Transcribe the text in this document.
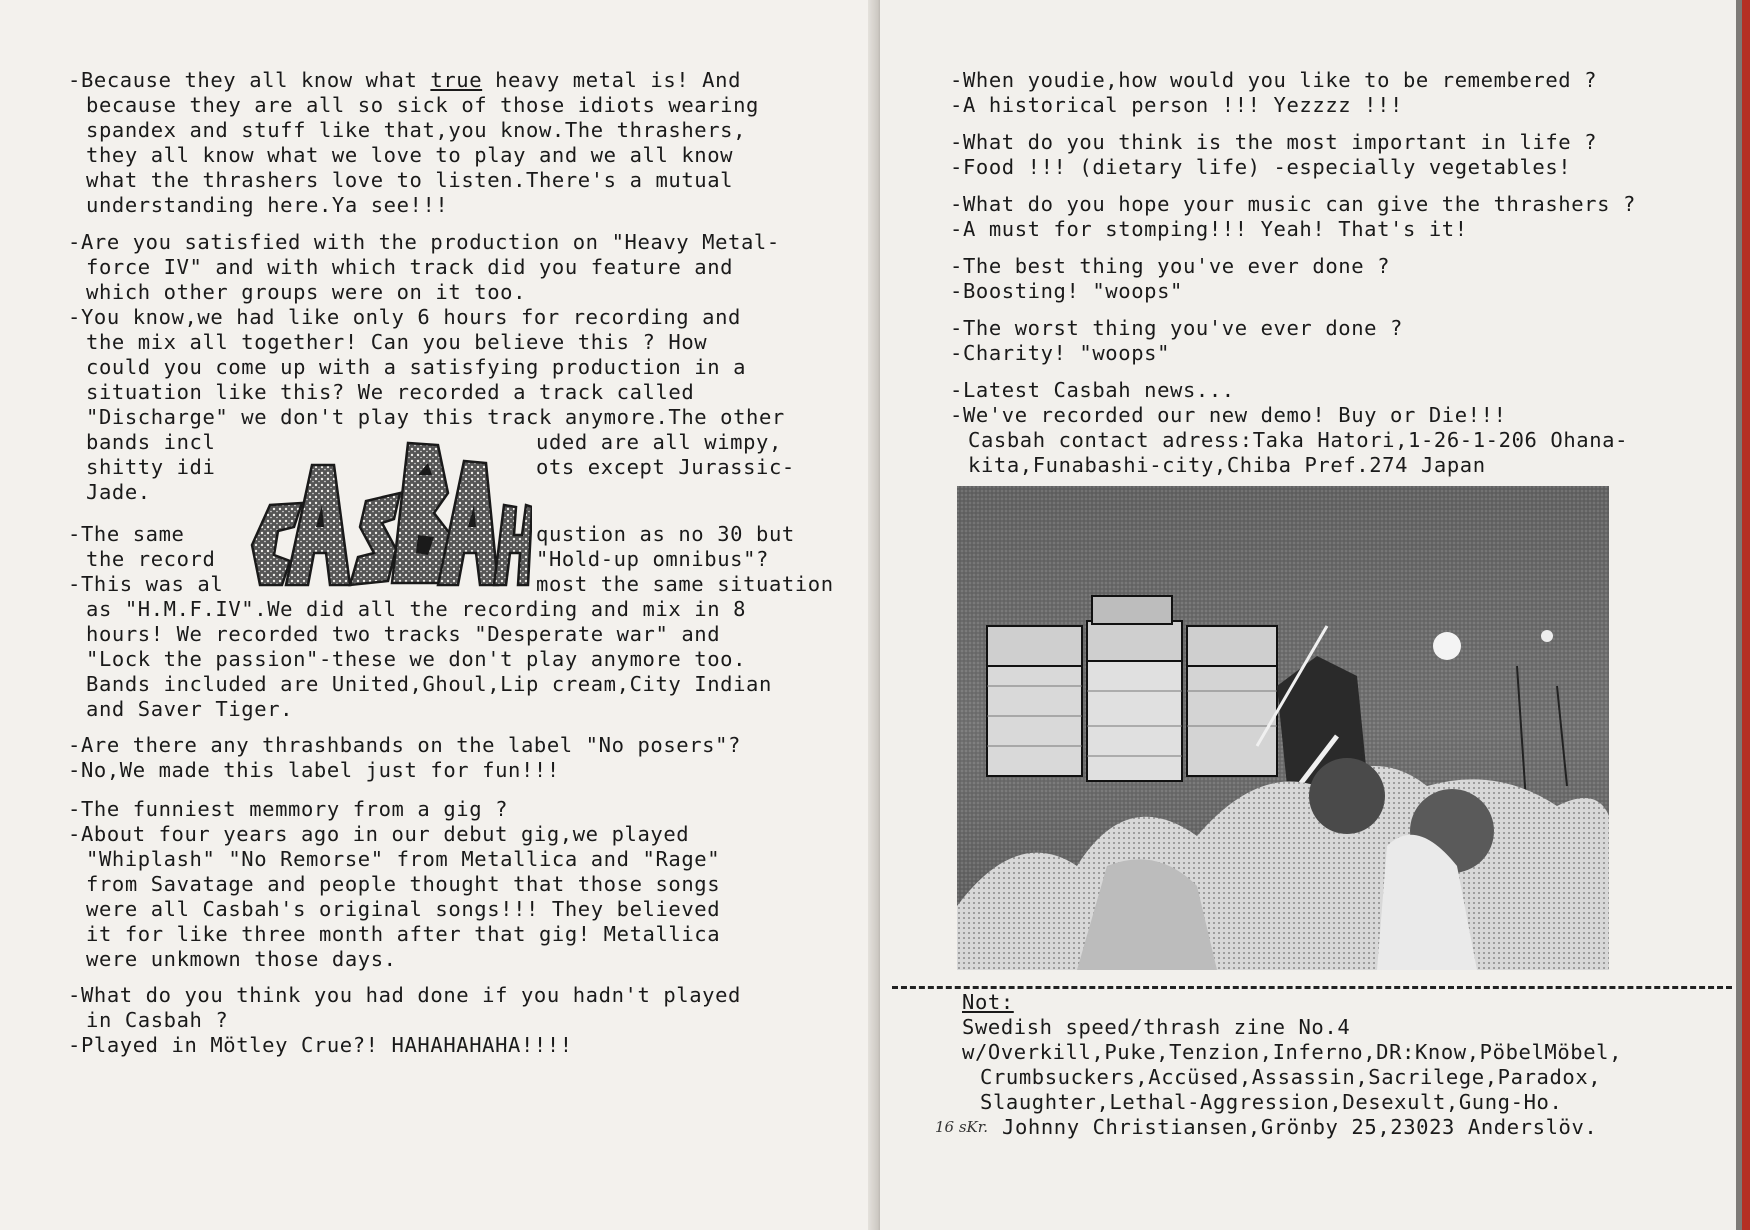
-Because they all know what true heavy metal is! And
because they are all so sick of those idiots wearing
spandex and stuff like that,you know.The thrashers,
they all know what we love to play and we all know
what the thrashers love to listen.There's a mutual
understanding here.Ya see!!!
-Are you satisfied with the production on "Heavy Metal-
force IV" and with which track did you feature and
which other groups were on it too.
-You know,we had like only 6 hours for recording and
the mix all together! Can you believe this ? How
could you come up with a satisfying production in a
situation like this? We recorded a track called
"Discharge" we don't play this track anymore.The other
bands incl
shitty idi
Jade.
uded are all wimpy,
ots except Jurassic-
-The same
the record
-This was al
qustion as no 30 but
"Hold-up omnibus"?
most the same situation
as "H.M.F.IV".We did all the recording and mix in 8
hours! We recorded two tracks "Desperate war" and
"Lock the passion"-these we don't play anymore too.
Bands included are United,Ghoul,Lip cream,City Indian
and Saver Tiger.
-Are there any thrashbands on the label "No posers"?
-No,We made this label just for fun!!!
-The funniest memmory from a gig ?
-About four years ago in our debut gig,we played
"Whiplash" "No Remorse" from Metallica and "Rage"
from Savatage and people thought that those songs
were all Casbah's original songs!!! They believed
it for like three month after that gig! Metallica
were unkmown those days.
-What do you think you had done if you hadn't played
in Casbah ?
-Played in Mötley Crue?! HAHAHAHAHA!!!!
-When youdie,how would you like to be remembered ?
-A historical person !!! Yezzzz !!!
-What do you think is the most important in life ?
-Food !!! (dietary life) -especially vegetables!
-What do you hope your music can give the thrashers ?
-A must for stomping!!! Yeah! That's it!
-The best thing you've ever done ?
-Boosting! "woops"
-The worst thing you've ever done ?
-Charity! "woops"
-Latest Casbah news...
-We've recorded our new demo! Buy or Die!!!
Casbah contact adress:Taka Hatori,1-26-1-206 Ohana-
kita,Funabashi-city,Chiba Pref.274 Japan
Not:
Swedish speed/thrash zine No.4
w/Overkill,Puke,Tenzion,Inferno,DR:Know,PöbelMöbel,
Crumbsuckers,Accüsed,Assassin,Sacrilege,Paradox,
Slaughter,Lethal-Aggression,Desexult,Gung-Ho.
Johnny Christiansen,Grönby 25,23023 Anderslöv.
16 sKr.
